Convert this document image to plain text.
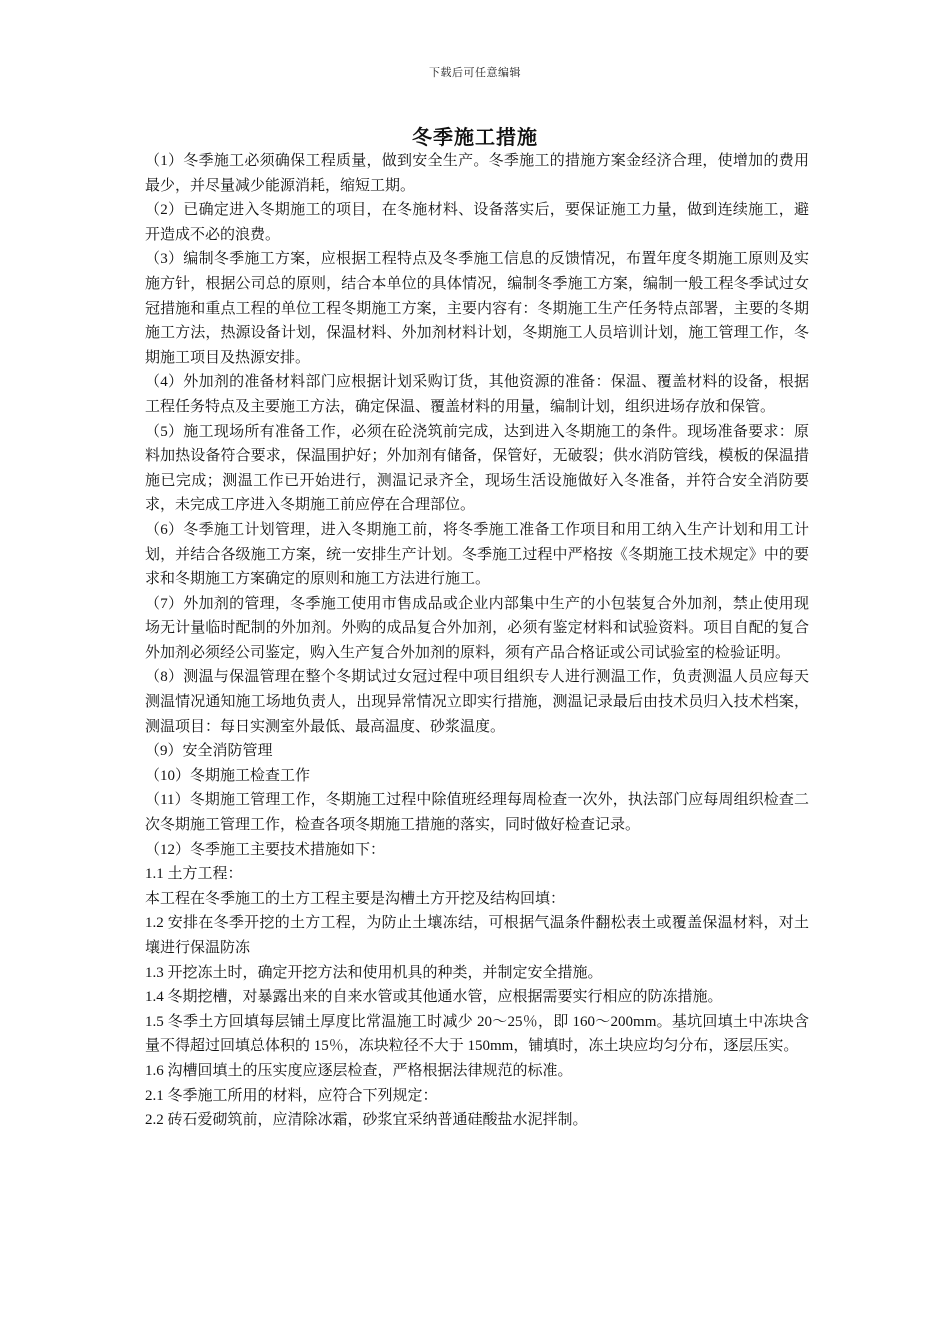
下载后可任意编辑
冬季施工措施

（1）冬季施工必须确保工程质量，做到安全生产。冬季施工的措施方案金经济合理，使增加的费用最少，并尽量减少能源消耗，缩短工期。

（2）已确定进入冬期施工的项目，在冬施材料、设备落实后，要保证施工力量，做到连续施工，避开造成不必的浪费。

（3）编制冬季施工方案，应根据工程特点及冬季施工信息的反馈情况，布置年度冬期施工原则及实施方针，根据公司总的原则，结合本单位的具体情况，编制冬季施工方案，编制一般工程冬季试过女冠措施和重点工程的单位工程冬期施工方案，主要内容有：冬期施工生产任务特点部署，主要的冬期施工方法，热源设备计划，保温材料、外加剂材料计划，冬期施工人员培训计划，施工管理工作，冬期施工项目及热源安排。

（4）外加剂的准备材料部门应根据计划采购订货，其他资源的准备：保温、覆盖材料的设备，根据工程任务特点及主要施工方法，确定保温、覆盖材料的用量，编制计划，组织进场存放和保管。

（5）施工现场所有准备工作，必须在砼浇筑前完成，达到进入冬期施工的条件。现场准备要求：原料加热设备符合要求，保温围护好；外加剂有储备，保管好，无破裂；供水消防管线，模板的保温措施已完成；测温工作已开始进行，测温记录齐全，现场生活设施做好入冬准备，并符合安全消防要求，未完成工序进入冬期施工前应停在合理部位。

（6）冬季施工计划管理，进入冬期施工前，将冬季施工准备工作项目和用工纳入生产计划和用工计划，并结合各级施工方案，统一安排生产计划。冬季施工过程中严格按《冬期施工技术规定》中的要求和冬期施工方案确定的原则和施工方法进行施工。

（7）外加剂的管理，冬季施工使用市售成品或企业内部集中生产的小包装复合外加剂，禁止使用现场无计量临时配制的外加剂。外购的成品复合外加剂，必须有鉴定材料和试验资料。项目自配的复合外加剂必须经公司鉴定，购入生产复合外加剂的原料，须有产品合格证或公司试验室的检验证明。

（8）测温与保温管理在整个冬期试过女冠过程中项目组织专人进行测温工作，负责测温人员应每天测温情况通知施工场地负责人，出现异常情况立即实行措施，测温记录最后由技术员归入技术档案，测温项目：每日实测室外最低、最高温度、砂浆温度。

（9）安全消防管理

（10）冬期施工检查工作

（11）冬期施工管理工作，冬期施工过程中除值班经理每周检查一次外，执法部门应每周组织检查二次冬期施工管理工作，检查各项冬期施工措施的落实，同时做好检查记录。

（12）冬季施工主要技术措施如下：

1.1 土方工程：

本工程在冬季施工的土方工程主要是沟槽土方开挖及结构回填：

1.2 安排在冬季开挖的土方工程，为防止土壤冻结，可根据气温条件翻松表土或覆盖保温材料，对土壤进行保温防冻

1.3 开挖冻土时，确定开挖方法和使用机具的种类，并制定安全措施。

1.4 冬期挖槽，对暴露出来的自来水管或其他通水管，应根据需要实行相应的防冻措施。

1.5 冬季土方回填每层铺土厚度比常温施工时减少 20～25％，即 160～200mm。基坑回填土中冻块含量不得超过回填总体积的 15％，冻块粒径不大于 150mm，铺填时，冻土块应均匀分布，逐层压实。

1.6 沟槽回填土的压实度应逐层检查，严格根据法律规范的标准。

2.1 冬季施工所用的材料，应符合下列规定：

2.2 砖石爱砌筑前，应清除冰霜，砂浆宜采纳普通硅酸盐水泥拌制。
